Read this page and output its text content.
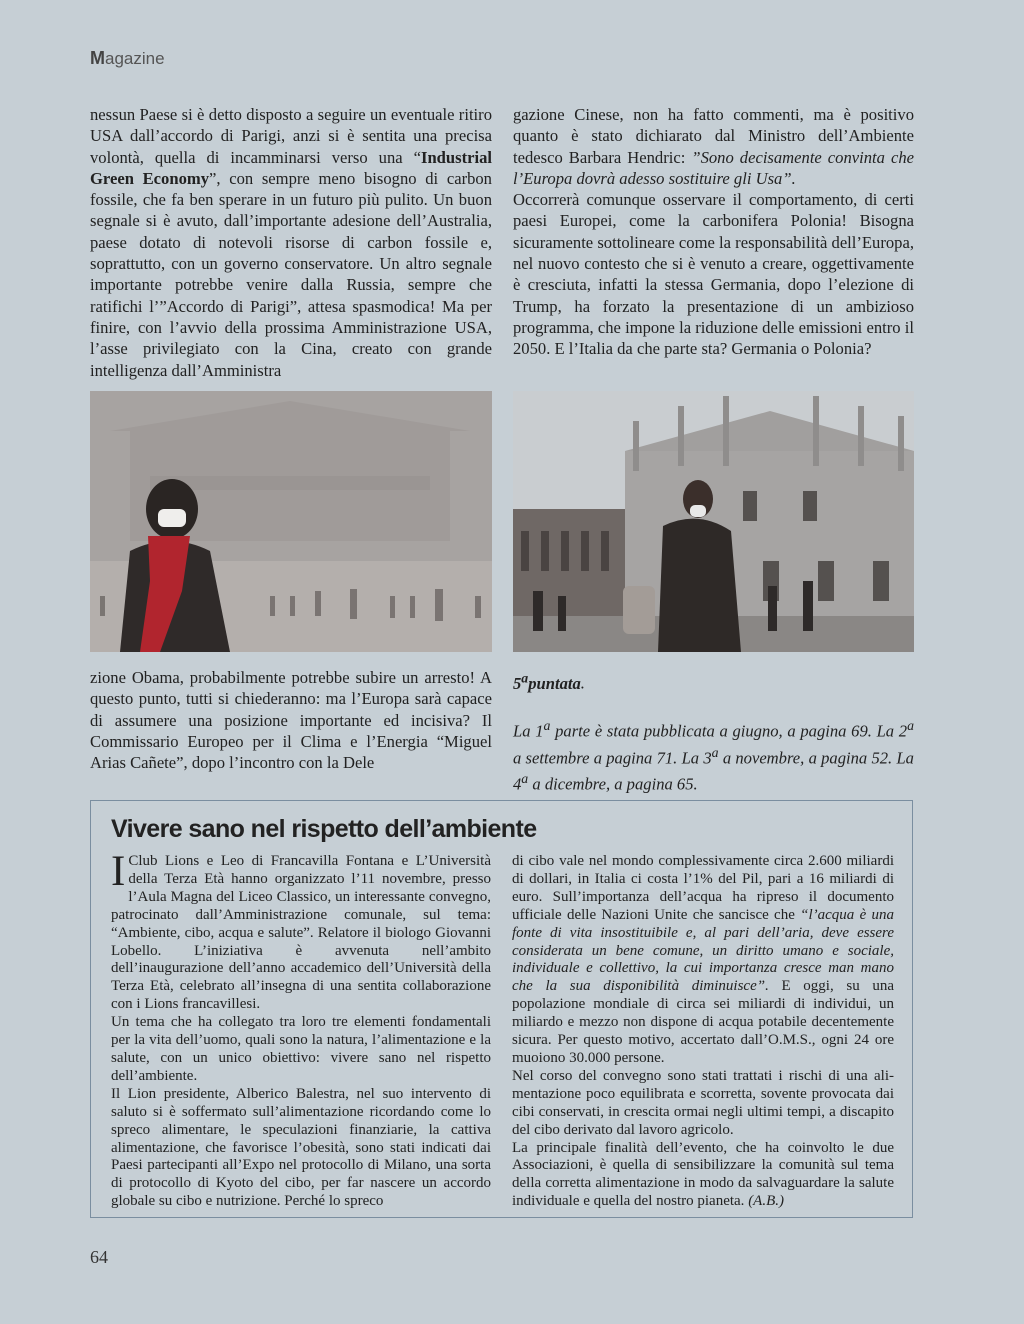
Magazine

nessun Paese si è detto disposto a seguire un eventuale ritiro USA dall’accordo di Parigi, anzi si è sentita una precisa volontà, quella di incamminarsi verso una “Industrial Green Economy”, con sempre meno bisogno di carbon fossile, che fa ben sperare in un futuro più pulito. Un buon segnale si è avuto, dall’importante adesione dell’Australia, paese dotato di notevoli risorse di carbon fossile e, soprattutto, con un governo conservatore. Un altro segnale importante potrebbe venire dalla Russia, sempre che ratifichi l’”Accordo di Parigi”, attesa spasmodica! Ma per finire, con l’avvio della prossima Amministrazione USA, l’asse privilegiato con la Cina, creato con grande intelligenza dall’Amministra

gazione Cinese, non ha fatto commenti, ma è positivo quanto è stato dichiarato dal Ministro dell’Ambiente tedesco Barbara Hendric: ”Sono decisamente convinta che l’Europa dovrà adesso sostituire gli Usa”.

Occorrerà comunque osservare il comportamento, di certi paesi Europei, come la carbonifera Polonia! Bisogna sicuramente sottolineare come la responsabilità dell’Europa, nel nuovo contesto che si è venuto a creare, oggettivamente è cresciuta, infatti la stessa Germania, dopo l’elezione di Trump, ha forzato la presentazione di un ambizioso programma, che impone la riduzione delle emissioni entro il 2050. E l’Italia da che parte sta? Germania o Polonia?

zione Obama, probabilmente potrebbe subire un arresto! A questo punto, tutti si chiederanno: ma l’Europa sarà capace di assumere una posizione importante ed incisiva? Il Commissario Europeo per il Clima e l’Energia “Miguel Arias Cañete”, dopo l’incontro con la Dele

5$^a$puntata.

La 1$^a$ parte è stata pubblicata a giugno, a pagina 69. La 2$^a$ a settembre a pagina 71. La 3$^a$ a novembre, a pagina 52. La 4$^a$ a dicembre, a pagina 65.

Vivere sano nel rispetto dell’ambiente

I Club Lions e Leo di Francavilla Fontana e L’Università della Terza Età hanno organizzato l’11 novembre, presso l’Aula Magna del Liceo Classico, un interessante convegno, patrocinato dall’Amministrazione comunale, sul tema: “Ambiente, cibo, acqua e salute”. Relatore il biologo Giovanni Lobello. L’iniziativa è avvenuta nell’ambito dell’inaugurazione dell’anno accademico dell’Università della Terza Età, celebrato all’insegna di una sentita collaborazione con i Lions francavillesi.

Un tema che ha collegato tra loro tre elementi fondamentali per la vita dell’uomo, quali sono la natura, l’alimentazione e la salute, con un unico obiettivo: vivere sano nel rispetto dell’ambiente.

Il Lion presidente, Alberico Balestra, nel suo intervento di saluto si è soffermato sull’alimentazione ricordando come lo spreco alimentare, le speculazioni finanziarie, la cattiva alimentazione, che favorisce l’obesità, sono stati indicati dai Paesi partecipanti all’Expo nel protocollo di Milano, una sorta di protocollo di Kyoto del cibo, per far nascere un accordo globale su cibo e nutrizione. Perché lo spreco

di cibo vale nel mondo complessivamente circa 2.600 miliardi di dollari, in Italia ci costa l’1% del Pil, pari a 16 miliardi di euro. Sull’importanza dell’acqua ha ripreso il documento ufficiale delle Nazioni Unite che sancisce che “l’acqua è una fonte di vita insostituibile e, al pari dell’aria, deve essere considerata un bene comune, un diritto umano e sociale, individuale e collettivo, la cui importanza cresce man mano che la sua disponibilità diminuisce”. E oggi, su una popolazione mondiale di circa sei miliardi di individui, un miliardo e mezzo non dispone di acqua potabile decentemente sicura. Per questo motivo, accertato dall’O.M.S., ogni 24 ore muoiono 30.000 persone.

Nel corso del convegno sono stati trattati i rischi di una alimentazione poco equilibrata e scorretta, sovente provocata dai cibi conservati, in crescita ormai negli ultimi tempi, a discapito del cibo derivato dal lavoro agricolo.

La principale finalità dell’evento, che ha coinvolto le due Associazioni, è quella di sensibilizzare la comunità sul tema della corretta alimentazione in modo da salvaguardare la salute individuale e quella del nostro pianeta. (A.B.)

64
